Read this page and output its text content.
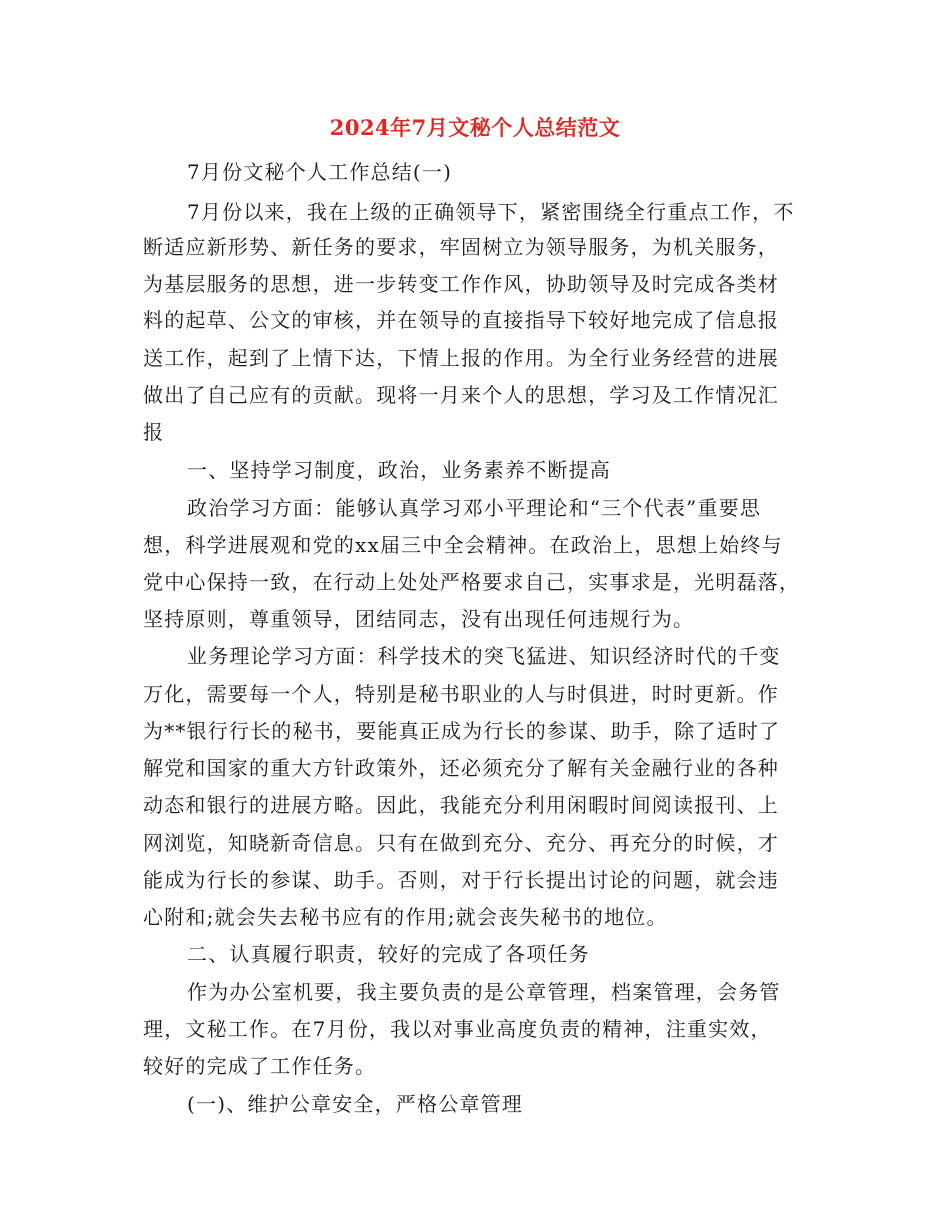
2024年7月文秘个人总结范文
7月份文秘个人工作总结(一)
7月份以来，我在上级的正确领导下，紧密围绕全行重点工作，不
断适应新形势、新任务的要求，牢固树立为领导服务，为机关服务，
为基层服务的思想，进一步转变工作作风，协助领导及时完成各类材
料的起草、公文的审核，并在领导的直接指导下较好地完成了信息报
送工作，起到了上情下达，下情上报的作用。为全行业务经营的进展
做出了自己应有的贡献。现将一月来个人的思想，学习及工作情况汇
报
一、坚持学习制度，政治，业务素养不断提高
政治学习方面：能够认真学习邓小平理论和“三个代表”重要思
想，科学进展观和党的xx届三中全会精神。在政治上，思想上始终与
党中心保持一致，在行动上处处严格要求自己，实事求是，光明磊落，
坚持原则，尊重领导，团结同志，没有出现任何违规行为。
业务理论学习方面：科学技术的突飞猛进、知识经济时代的千变
万化，需要每一个人，特别是秘书职业的人与时俱进，时时更新。作
为**银行行长的秘书，要能真正成为行长的参谋、助手，除了适时了
解党和国家的重大方针政策外，还必须充分了解有关金融行业的各种
动态和银行的进展方略。因此，我能充分利用闲暇时间阅读报刊、上
网浏览，知晓新奇信息。只有在做到充分、充分、再充分的时候，才
能成为行长的参谋、助手。否则，对于行长提出讨论的问题，就会违
心附和;就会失去秘书应有的作用;就会丧失秘书的地位。
二、认真履行职责，较好的完成了各项任务
作为办公室机要，我主要负责的是公章管理，档案管理，会务管
理，文秘工作。在7月份，我以对事业高度负责的精神，注重实效，
较好的完成了工作任务。
(一)、维护公章安全，严格公章管理
